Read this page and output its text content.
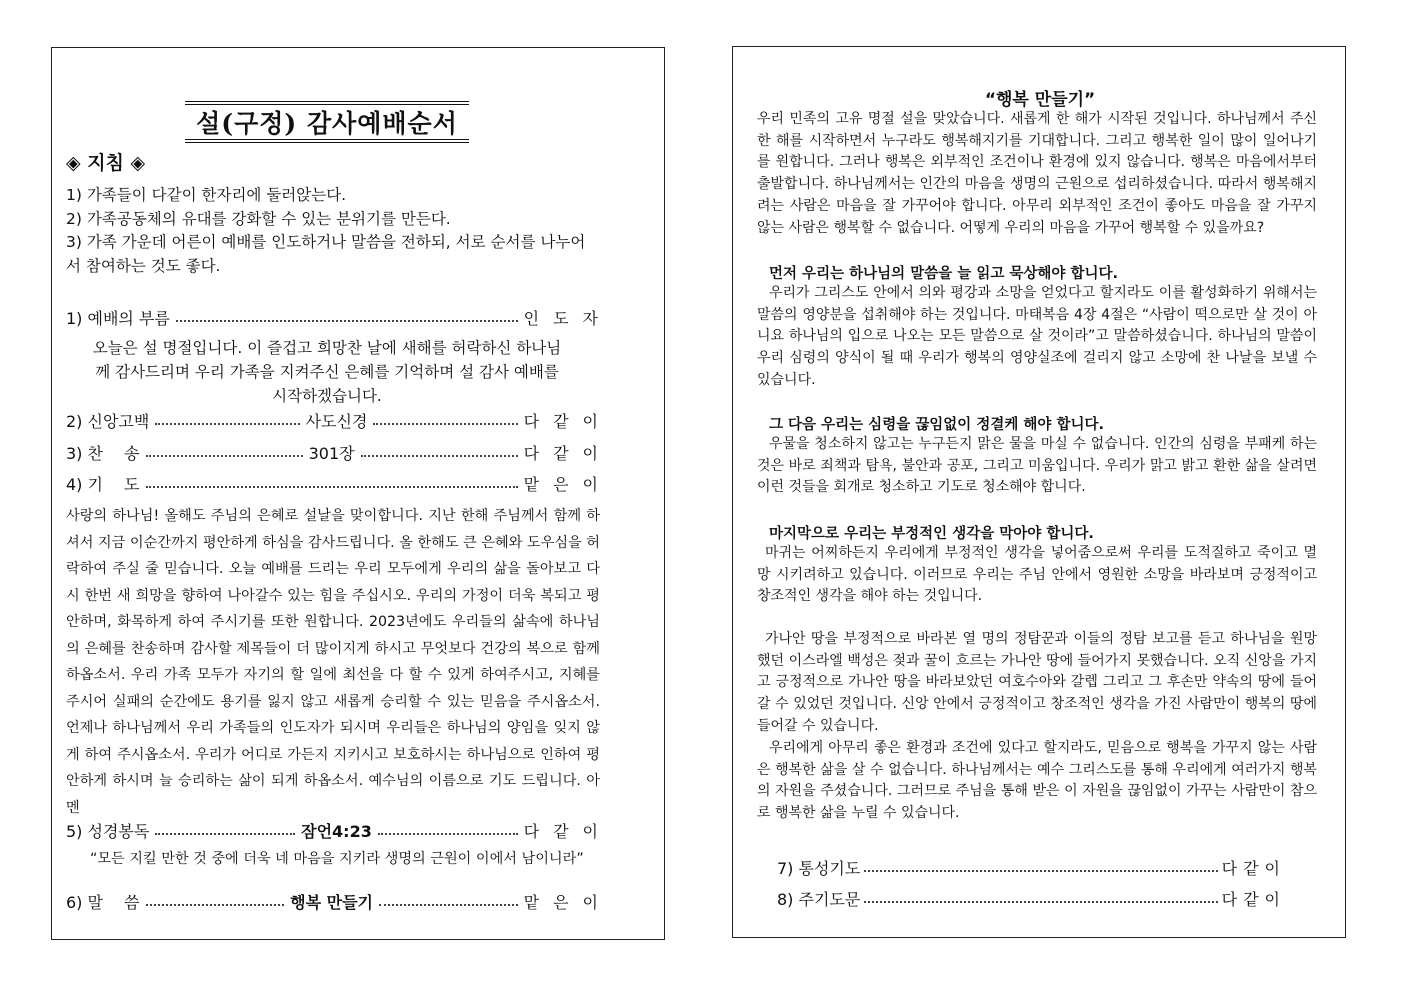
설(구정) 감사예배순서
◈ 지침 ◈
1) 가족들이 다같이 한자리에 둘러앉는다.
2) 가족공동체의 유대를 강화할 수 있는 분위기를 만든다.
3) 가족 가운데 어른이 예배를 인도하거나 말씀을 전하되, 서로 순서를 나누어
서 참여하는 것도 좋다.
1) 예배의 부름	인도자
오늘은 설 명절입니다. 이 즐겁고 희망찬 날에 새해를 허락하신 하나님께 감사드리며 우리 가족을 지켜주신 은혜를 기억하며 설 감사 예배를 시작하겠습니다.
2) 신앙고백	사도신경	다같이
3) 찬　 송	301장	다같이
4) 기　 도	맡은이
사랑의 하나님! 올해도 주님의 은혜로 설날을 맞이합니다. 지난 한해 주님께서 함께 하셔서 지금 이순간까지 평안하게 하심을 감사드립니다. 올 한해도 큰 은혜와 도우심을 허락하여 주실 줄 믿습니다. 오늘 예배를 드리는 우리 모두에게 우리의 삶을 돌아보고 다시 한번 새 희망을 향하여 나아갈수 있는 힘을 주십시오. 우리의 가정이 더욱 복되고 평안하며, 화목하게 하여 주시기를 또한 원합니다. 2023년에도 우리들의 삶속에 하나님의 은혜를 찬송하며 감사할 제목들이 더 많이지게 하시고 무엇보다 건강의 복으로 함께하옵소서. 우리 가족 모두가 자기의 할 일에 최선을 다 할 수 있게 하여주시고, 지혜를 주시어 실패의 순간에도 용기를 잃지 않고 새롭게 승리할 수 있는 믿음을 주시옵소서. 언제나 하나님께서 우리 가족들의 인도자가 되시며 우리들은 하나님의 양임을 잊지 않게 하여 주시옵소서. 우리가 어디로 가든지 지키시고 보호하시는 하나님으로 인하여 평안하게 하시며 늘 승리하는 삶이 되게 하옵소서. 예수님의 이름으로 기도 드립니다. 아멘
5) 성경봉독	잠언4:23	다같이
“모든 지킬 만한 것 중에 더욱 네 마음을 지키라 생명의 근원이 이에서 남이니라”
6) 말　 씀	행복 만들기	맡은이
“행복 만들기”
우리 민족의 고유 명절 설을 맞았습니다. 새롭게 한 해가 시작된 것입니다. 하나님께서 주신 한 해를 시작하면서 누구라도 행복해지기를 기대합니다. 그리고 행복한 일이 많이 일어나기를 원합니다. 그러나 행복은 외부적인 조건이나 환경에 있지 않습니다. 행복은 마음에서부터 출발합니다. 하나님께서는 인간의 마음을 생명의 근원으로 섭리하셨습니다. 따라서 행복해지려는 사람은 마음을 잘 가꾸어야 합니다. 아무리 외부적인 조건이 좋아도 마음을 잘 가꾸지 않는 사람은 행복할 수 없습니다. 어떻게 우리의 마음을 가꾸어 행복할 수 있을까요?
먼저 우리는 하나님의 말씀을 늘 읽고 묵상해야 합니다.
우리가 그리스도 안에서 의와 평강과 소망을 얻었다고 할지라도 이를 활성화하기 위해서는 말씀의 영양분을 섭취해야 하는 것입니다. 마태복음 4장 4절은 “사람이 떡으로만 살 것이 아니요 하나님의 입으로 나오는 모든 말씀으로 살 것이라”고 말씀하셨습니다. 하나님의 말씀이 우리 심령의 양식이 될 때 우리가 행복의 영양실조에 걸리지 않고 소망에 찬 나날을 보낼 수 있습니다.
그 다음 우리는 심령을 끊임없이 정결케 해야 합니다.
우물을 청소하지 않고는 누구든지 맑은 물을 마실 수 없습니다. 인간의 심령을 부패케 하는 것은 바로 죄책과 탐욕, 불안과 공포, 그리고 미움입니다. 우리가 맑고 밝고 환한 삶을 살려면 이런 것들을 회개로 청소하고 기도로 청소해야 합니다.
마지막으로 우리는 부정적인 생각을 막아야 합니다.
마귀는 어찌하든지 우리에게 부정적인 생각을 넣어줌으로써 우리를 도적질하고 죽이고 멸망 시키려하고 있습니다. 이러므로 우리는 주님 안에서 영원한 소망을 바라보며 긍정적이고 창조적인 생각을 해야 하는 것입니다.
가나안 땅을 부정적으로 바라본 열 명의 정탐꾼과 이들의 정탐 보고를 듣고 하나님을 원망했던 이스라엘 백성은 젖과 꿀이 흐르는 가나안 땅에 들어가지 못했습니다. 오직 신앙을 가지고 긍정적으로 가나안 땅을 바라보았던 여호수아와 갈렙 그리고 그 후손만 약속의 땅에 들어갈 수 있었던 것입니다. 신앙 안에서 긍정적이고 창조적인 생각을 가진 사람만이 행복의 땅에 들어갈 수 있습니다.
우리에게 아무리 좋은 환경과 조건에 있다고 할지라도, 믿음으로 행복을 가꾸지 않는 사람은 행복한 삶을 살 수 없습니다. 하나님께서는 예수 그리스도를 통해 우리에게 여러가지 행복의 자원을 주셨습니다. 그러므로 주님을 통해 받은 이 자원을 끊임없이 가꾸는 사람만이 참으로 행복한 삶을 누릴 수 있습니다.
7) 통성기도	다같이
8) 주기도문	다같이
